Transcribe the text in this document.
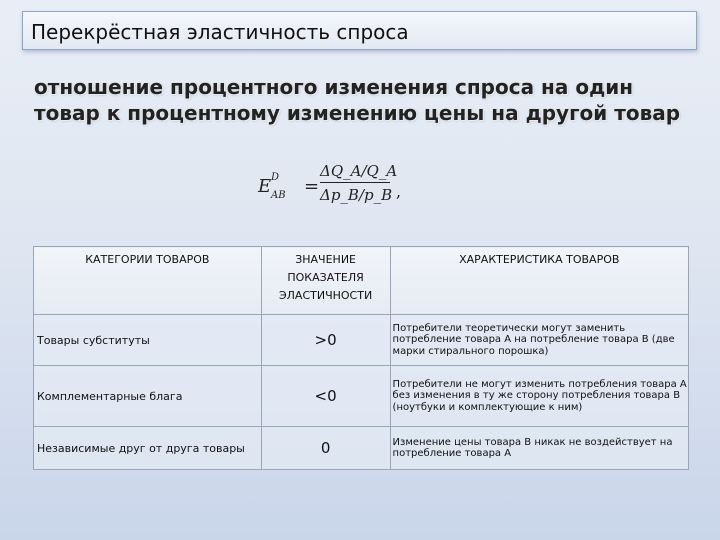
Перекрёстная эластичность спроса
отношение процентного изменения спроса на один товар к процентному изменению цены на другой товар
E D
AB = $\frac{\Delta Q\_A/Q\_A}{\Delta p\_B/p\_B}$ ,
КАТЕГОРИИ ТОВАРОВ	ЗНАЧЕНИЕ ПОКАЗАТЕЛЯ ЭЛАСТИЧНОСТИ	ХАРАКТЕРИСТИКА ТОВАРОВ
Товары субституты	>0	Потребители теоретически могут заменить потребление товара А на потребление товара В (две марки стирального порошка)
Комплементарные блага	<0	Потребители не могут изменить потребления товара А без изменения в ту же сторону потребления товара В (ноутбуки и комплектующие к ним)
Независимые друг от друга товары	0	Изменение цены товара В никак не воздействует на потребление товара А
